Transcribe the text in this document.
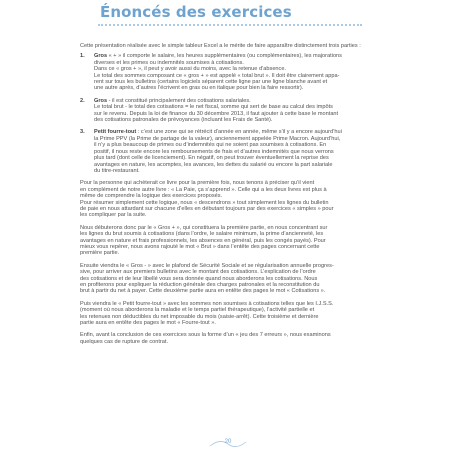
Énoncés des exercices
Cette présentation réalisée avec le simple tableur Excel a le mérite de faire apparaître distinctement trois parties :
1.	Gros « + » il comporte le salaire, les heures supplémentaires (ou complémentaires), les majorations
diverses et les primes ou indemnités soumises à cotisations.
Dans ce « gros + », il peut y avoir aussi du moins, avec la retenue d’absence.
Le total des sommes composant ce « gros + » est appelé « total brut ». Il doit être clairement appa-
rent sur tous les bulletins (certains logiciels séparent cette ligne par une ligne blanche avant et
une autre après, d’autres l’écrivent en gras ou en italique pour bien la faire ressortir).
2.	Gros - il est constitué principalement des cotisations salariales.
Le total brut - le total des cotisations = le net fiscal, somme qui sert de base au calcul des impôts
sur le revenu. Depuis la loi de finance du 30 décembre 2013, il faut ajouter à cette base le montant
des cotisations patronales de prévoyances (incluant les Frais de Santé).
3.	Petit fourre-tout : c’est une zone qui se rétrécit d’année en année, même s’il y a encore aujourd’hui
la Prime PPV (la Prime de partage de la valeur), anciennement appelée Prime Macron. Aujourd’hui,
il n’y a plus beaucoup de primes ou d’indemnités qui ne soient pas soumises à cotisations. En
positif, il nous reste encore les remboursements de frais et d’autres indemnités que nous verrons
plus tard (dont celle de licenciement). En négatif, on peut trouver éventuellement la reprise des
avantages en nature, les acomptes, les avances, les dettes du salarié ou encore la part salariale
du titre-restaurant.
Pour la personne qui achèterait ce livre pour la première fois, nous tenons à préciser qu’il vient
en complément de notre autre livre : « La Paie, ça s’apprend ». Celle qui a les deux livres est plus à
même de comprendre la logique des exercices proposés.
Pour résumer simplement cette logique, nous « descendrons » tout simplement les lignes du bulletin
de paie en nous attardant sur chacune d’elles en débutant toujours par des exercices « simples » pour
les compliquer par la suite.
Nous débuterons donc par le « Gros + », qui constituera la première partie, en nous concentrant sur
les lignes du brut soumis à cotisations (dans l’ordre, le salaire minimum, la prime d’ancienneté, les
avantages en nature et frais professionnels, les absences en général, puis les congés payés). Pour
mieux vous repérer, nous avons rajouté le mot « Brut » dans l’entête des pages concernant cette
première partie.
Ensuite viendra le « Gros - » avec le plafond de Sécurité Sociale et se régularisation annuelle progres-
sive, pour arriver aux premiers bulletins avec le montant des cotisations. L’explication de l’ordre
des cotisations et de leur libellé vous sera donnée quand nous aborderons les cotisations. Nous
en profiterons pour expliquer la réduction générale des charges patronales et la reconstitution du
brut à partir du net à payer. Cette deuxième partie aura en entête des pages le mot « Cotisations ».
Puis viendra le « Petit fourre-tout » avec les sommes non soumises à cotisations telles que les I.J.S.S.
(moment où nous aborderons la maladie et le temps partiel thérapeutique), l’activité partielle et
les retenues non déductibles du net imposable du mois (saisie-arrêt). Cette troisième et dernière
partie aura en entête des pages le mot « Fourre-tout ».
Enfin, avant la conclusion de ces exercices sous la forme d’un « jeu des 7 erreurs », nous examinons
quelques cas de rupture de contrat.
20
